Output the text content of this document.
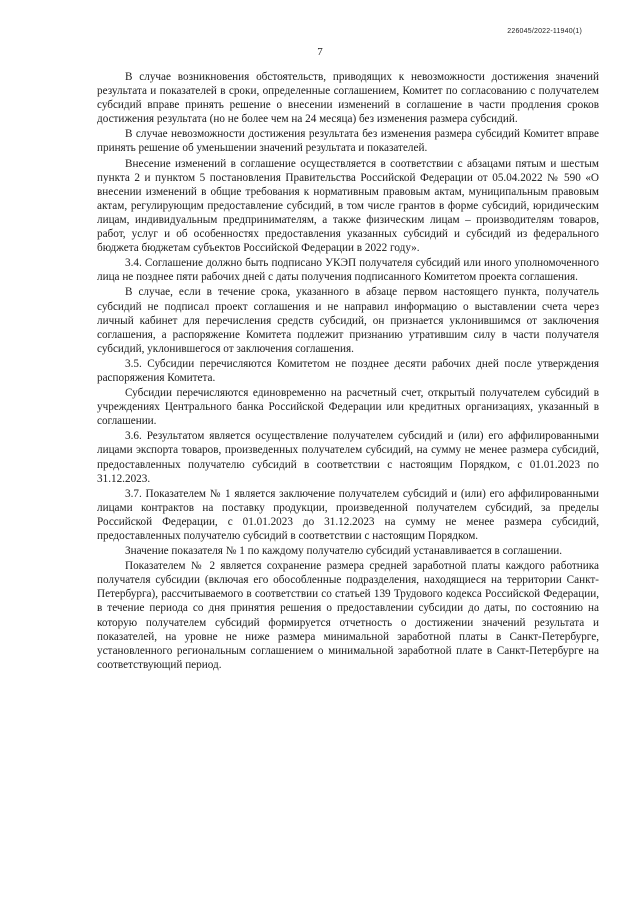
226045/2022-11940(1)
7

В случае возникновения обстоятельств, приводящих к невозможности достижения значений результата и показателей в сроки, определенные соглашением, Комитет по согласованию с получателем субсидий вправе принять решение о внесении изменений в соглашение в части продления сроков достижения результата (но не более чем на 24 месяца) без изменения размера субсидий.

В случае невозможности достижения результата без изменения размера субсидий Комитет вправе принять решение об уменьшении значений результата и показателей.

Внесение изменений в соглашение осуществляется в соответствии с абзацами пятым и шестым пункта 2 и пунктом 5 постановления Правительства Российской Федерации от 05.04.2022 № 590 «О внесении изменений в общие требования к нормативным правовым актам, муниципальным правовым актам, регулирующим предоставление субсидий, в том числе грантов в форме субсидий, юридическим лицам, индивидуальным предпринимателям, а также физическим лицам – производителям товаров, работ, услуг и об особенностях предоставления указанных субсидий и субсидий из федерального бюджета бюджетам субъектов Российской Федерации в 2022 году».

3.4. Соглашение должно быть подписано УКЭП получателя субсидий или иного уполномоченного лица не позднее пяти рабочих дней с даты получения подписанного Комитетом проекта соглашения.

В случае, если в течение срока, указанного в абзаце первом настоящего пункта, получатель субсидий не подписал проект соглашения и не направил информацию о выставлении счета через личный кабинет для перечисления средств субсидий, он признается уклонившимся от заключения соглашения, а распоряжение Комитета подлежит признанию утратившим силу в части получателя субсидий, уклонившегося от заключения соглашения.

3.5. Субсидии перечисляются Комитетом не позднее десяти рабочих дней после утверждения распоряжения Комитета.

Субсидии перечисляются единовременно на расчетный счет, открытый получателем субсидий в учреждениях Центрального банка Российской Федерации или кредитных организациях, указанный в соглашении.

3.6. Результатом является осуществление получателем субсидий и (или) его аффилированными лицами экспорта товаров, произведенных получателем субсидий, на сумму не менее размера субсидий, предоставленных получателю субсидий в соответствии с настоящим Порядком, с 01.01.2023 по 31.12.2023.

3.7. Показателем № 1 является заключение получателем субсидий и (или) его аффилированными лицами контрактов на поставку продукции, произведенной получателем субсидий, за пределы Российской Федерации, с 01.01.2023 до 31.12.2023 на сумму не менее размера субсидий, предоставленных получателю субсидий в соответствии с настоящим Порядком.

Значение показателя № 1 по каждому получателю субсидий устанавливается в соглашении.

Показателем № 2 является сохранение размера средней заработной платы каждого работника получателя субсидии (включая его обособленные подразделения, находящиеся на территории Санкт-Петербурга), рассчитываемого в соответствии со статьей 139 Трудового кодекса Российской Федерации, в течение периода со дня принятия решения о предоставлении субсидии до даты, по состоянию на которую получателем субсидий формируется отчетность о достижении значений результата и показателей, на уровне не ниже размера минимальной заработной платы в Санкт-Петербурге, установленного региональным соглашением о минимальной заработной плате в Санкт-Петербурге на соответствующий период.
